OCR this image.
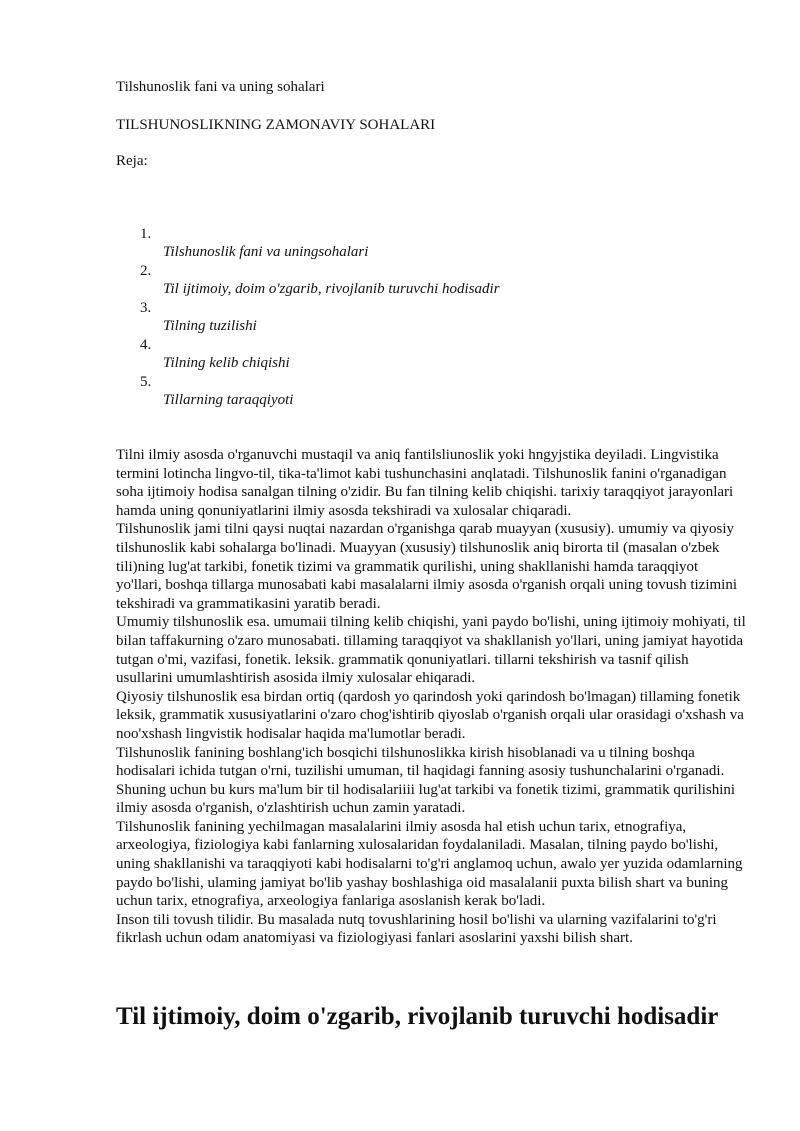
Tilshunoslik fani va uning sohalari

TILSHUNOSLIKNING ZAMONAVIY SOHALARI

Reja:

1.
Tilshunoslik fani va uningsohalari
2.
Til ijtimoiy, doim o'zgarib, rivojlanib turuvchi hodisadir
3.
Tilning tuzilishi
4.
Tilning kelib chiqishi
5.
Tillarning taraqqiyoti

Tilni ilmiy asosda o'rganuvchi mustaqil va aniq fantilsliunoslik yoki hngyjstika deyiladi. Lingvistika termini lotincha lingvo-til, tika-ta'limot kabi tushunchasini anqlatadi. Tilshunoslik fanini o'rganadigan soha ijtimoiy hodisa sanalgan tilning o'zidir. Bu fan tilning kelib chiqishi. tarixiy taraqqiyot jarayonlari hamda uning qonuniyatlarini ilmiy asosda tekshiradi va xulosalar chiqaradi.

Tilshunoslik jami tilni qaysi nuqtai nazardan o'rganishga qarab muayyan (xususiy). umumiy va qiyosiy tilshunoslik kabi sohalarga bo'linadi. Muayyan (xususiy) tilshunoslik aniq birorta til (masalan o'zbek tili)ning lug'at tarkibi, fonetik tizimi va grammatik qurilishi, uning shakllanishi hamda taraqqiyot yo'llari, boshqa tillarga munosabati kabi masalalarni ilmiy asosda o'rganish orqali uning tovush tizimini tekshiradi va grammatikasini yaratib beradi.

Umumiy tilshunoslik esa. umumaii tilning kelib chiqishi, yani paydo bo'lishi, uning ijtimoiy mohiyati, til bilan taffakurning o'zaro munosabati. tillaming taraqqiyot va shakllanish yo'llari, uning jamiyat hayotida tutgan o'mi, vazifasi, fonetik. leksik. grammatik qonuniyatlari. tillarni tekshirish va tasnif qilish usullarini umumlashtirish asosida ilmiy xulosalar ehiqaradi.

Qiyosiy tilshunoslik esa birdan ortiq (qardosh yo qarindosh yoki qarindosh bo'lmagan) tillaming fonetik leksik, grammatik xususiyatlarini o'zaro chog'ishtirib qiyoslab o'rganish orqali ular orasidagi o'xshash va noo'xshash lingvistik hodisalar haqida ma'lumotlar beradi.

Tilshunoslik fanining boshlang'ich bosqichi tilshunoslikka kirish hisoblanadi va u tilning boshqa hodisalari ichida tutgan o'rni, tuzilishi umuman, til haqidagi fanning asosiy tushunchalarini o'rganadi. Shuning uchun bu kurs ma'lum bir til hodisalariiii lug'at tarkibi va fonetik tizimi, grammatik qurilishini ilmiy asosda o'rganish, o'zlashtirish uchun zamin yaratadi.

Tilshunoslik fanining yechilmagan masalalarini ilmiy asosda hal etish uchun tarix, etnografiya, arxeologiya, fiziologiya kabi fanlarning xulosalaridan foydalaniladi. Masalan, tilning paydo bo'lishi, uning shakllanishi va taraqqiyoti kabi hodisalarni to'g'ri anglamoq uchun, awalo yer yuzida odamlarning paydo bo'lishi, ulaming jamiyat bo'lib yashay boshlashiga oid masalalanii puxta bilish shart va buning uchun tarix, etnografiya, arxeologiya fanlariga asoslanish kerak bo'ladi.

Inson tili tovush tilidir. Bu masalada nutq tovushlarining hosil bo'lishi va ularning vazifalarini to'g'ri fikrlash uchun odam anatomiyasi va fiziologiyasi fanlari asoslarini yaxshi bilish shart.

Til ijtimoiy, doim o'zgarib, rivojlanib turuvchi hodisadir
